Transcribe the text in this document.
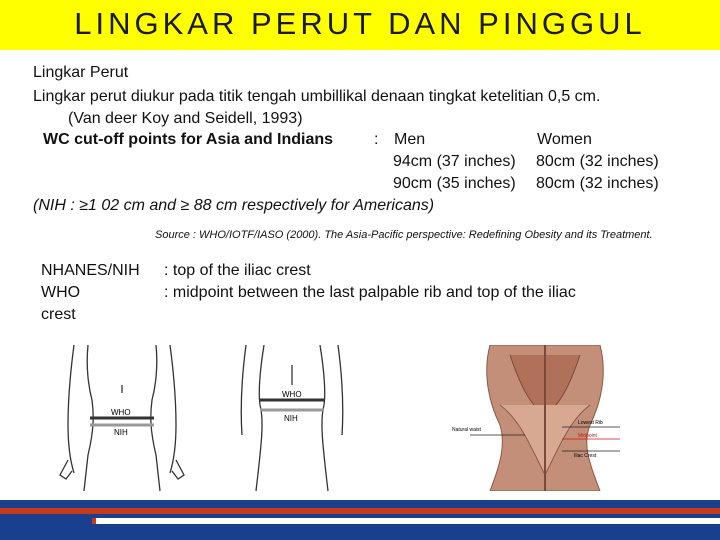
LINGKAR PERUT DAN PINGGUL
Lingkar Perut
Lingkar perut diukur pada titik tengah umbillikal denaan tingkat ketelitian 0,5 cm.
(Van deer Koy and Seidell, 1993)
WC cut-off points for Asia and Indians	: Men	Women
94cm (37 inches) 80cm (32 inches)
90cm (35 inches) 80cm (32 inches)
(NIH : ≥1 02 cm and ≥ 88 cm respectively for Americans)
Source : WHO/IOTF/IASO (2000). The Asia-Pacific perspective: Redefining Obesity and its Treatment.
NHANES/NIH : top of the iliac crest
WHO	: midpoint between the last palpable rib and top of the iliac
crest
WHO
NIH
WHO
NIH	Lowest Rib
Midpoint
Iliac Crest
Natural waist
